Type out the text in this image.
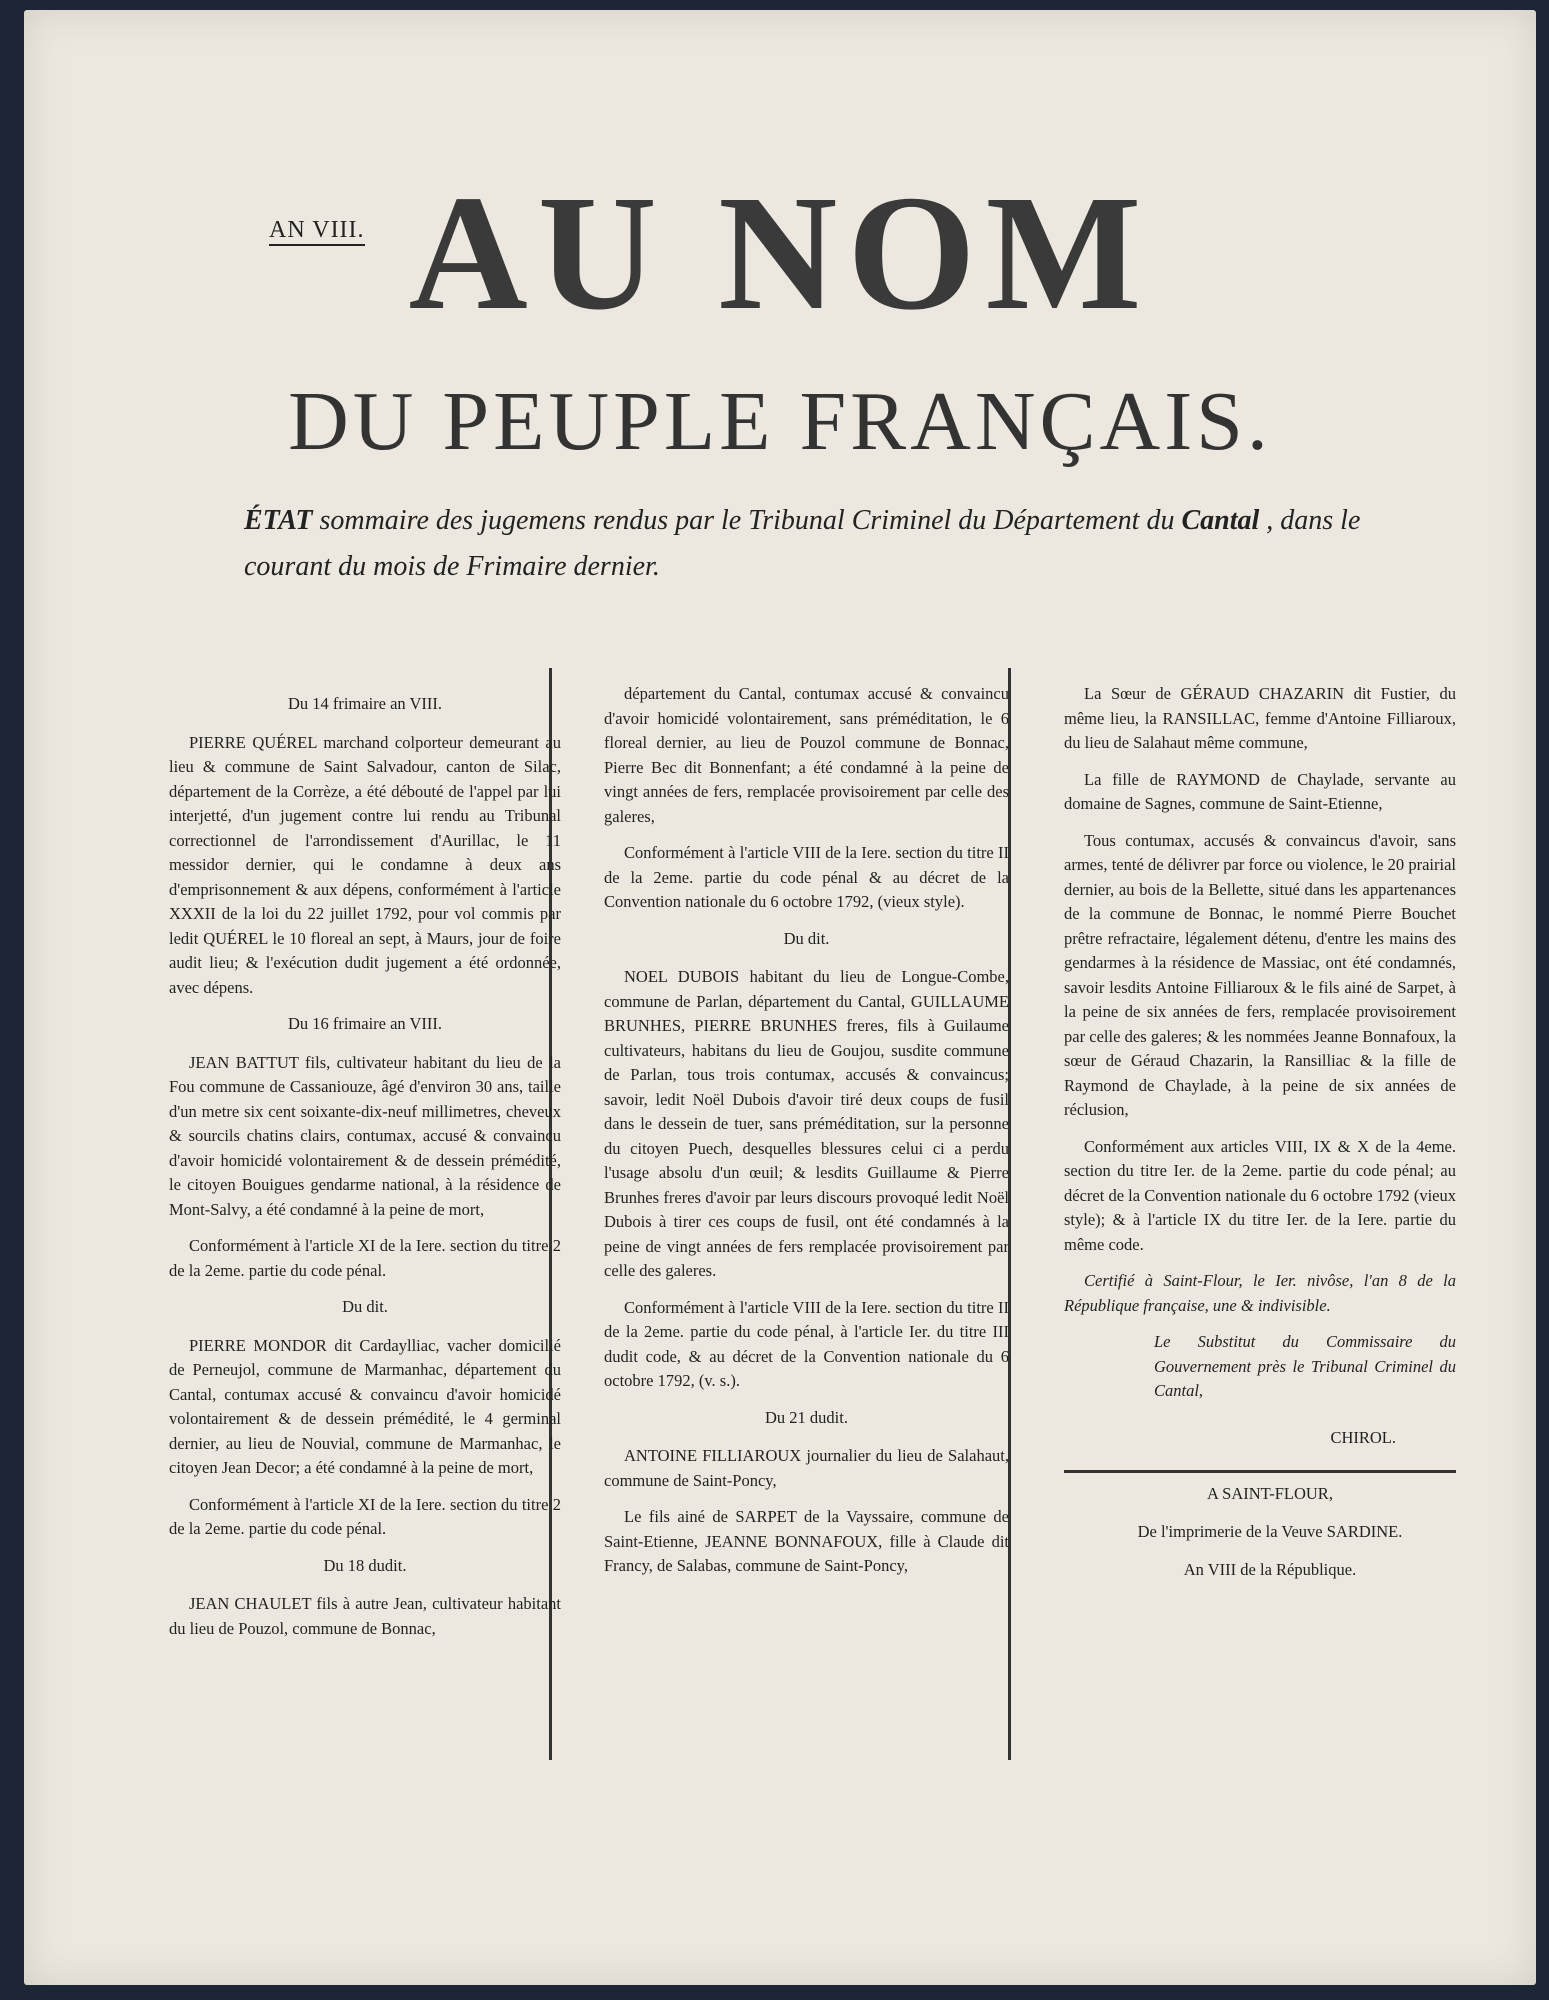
AN VIII. AU NOM
DU PEUPLE FRANÇAIS.
ÉTAT sommaire des jugemens rendus par le Tribunal Criminel du Département du Cantal , dans le courant du mois de Frimaire dernier.

Du 14 frimaire an VIII.

PIERRE QUÉREL marchand colporteur demeurant au lieu & commune de Saint Salvadour, canton de Silac, département de la Corrèze, a été débouté de l'appel par lui interjetté, d'un jugement contre lui rendu au Tribunal correctionnel de l'arrondissement d'Aurillac, le 11 messidor dernier, qui le condamne à deux ans d'emprisonnement & aux dépens, conformément à l'article XXXII de la loi du 22 juillet 1792, pour vol commis par ledit QUÉREL le 10 floreal an sept, à Maurs, jour de foire audit lieu; & l'exécution dudit jugement a été ordonnée, avec dépens.

Du 16 frimaire an VIII.

JEAN BATTUT fils, cultivateur habitant du lieu de la Fou commune de Cassaniouze, âgé d'environ 30 ans, taille d'un metre six cent soixante-dix-neuf millimetres, cheveux & sourcils chatins clairs, contumax, accusé & convaincu d'avoir homicidé volontairement & de dessein prémédité, le citoyen Bouigues gendarme national, à la résidence de Mont-Salvy, a été condamné à la peine de mort,

Conformément à l'article XI de la Iere. section du titre 2 de la 2eme. partie du code pénal.

Du dit.

PIERRE MONDOR dit Cardaylliac, vacher domicilié de Perneujol, commune de Marmanhac, département du Cantal, contumax accusé & convaincu d'avoir homicidé volontairement & de dessein prémédité, le 4 germinal dernier, au lieu de Nouvial, commune de Marmanhac, le citoyen Jean Decor; a été condamné à la peine de mort,

Conformément à l'article XI de la Iere. section du titre 2 de la 2eme. partie du code pénal.

Du 18 dudit.

JEAN CHAULET fils à autre Jean, cultivateur habitant du lieu de Pouzol, commune de Bonnac,

département du Cantal, contumax accusé & convaincu d'avoir homicidé volontairement, sans préméditation, le 6 floreal dernier, au lieu de Pouzol commune de Bonnac, Pierre Bec dit Bonnenfant; a été condamné à la peine de vingt années de fers, remplacée provisoirement par celle des galeres,

Conformément à l'article VIII de la Iere. section du titre II de la 2eme. partie du code pénal & au décret de la Convention nationale du 6 octobre 1792, (vieux style).

Du dit.

NOEL DUBOIS habitant du lieu de Longue-Combe, commune de Parlan, département du Cantal, GUILLAUME BRUNHES, PIERRE BRUNHES freres, fils à Guilaume cultivateurs, habitans du lieu de Goujou, susdite commune de Parlan, tous trois contumax, accusés & convaincus; savoir, ledit Noël Dubois d'avoir tiré deux coups de fusil dans le dessein de tuer, sans préméditation, sur la personne du citoyen Puech, desquelles blessures celui ci a perdu l'usage absolu d'un œuil; & lesdits Guillaume & Pierre Brunhes freres d'avoir par leurs discours provoqué ledit Noël Dubois à tirer ces coups de fusil, ont été condamnés à la peine de vingt années de fers remplacée provisoirement par celle des galeres.

Conformément à l'article VIII de la Iere. section du titre II de la 2eme. partie du code pénal, à l'article Ier. du titre III dudit code, & au décret de la Convention nationale du 6 octobre 1792, (v. s.).

Du 21 dudit.

ANTOINE FILLIAROUX journalier du lieu de Salahaut, commune de Saint-Poncy,

Le fils ainé de SARPET de la Vayssaire, commune de Saint-Etienne, JEANNE BONNAFOUX, fille à Claude dit Francy, de Salabas, commune de Saint-Poncy,

La Sœur de GÉRAUD CHAZARIN dit Fustier, du même lieu, la RANSILLAC, femme d'Antoine Filliaroux, du lieu de Salahaut même commune,

La fille de RAYMOND de Chaylade, servante au domaine de Sagnes, commune de Saint-Etienne,

Tous contumax, accusés & convaincus d'avoir, sans armes, tenté de délivrer par force ou violence, le 20 prairial dernier, au bois de la Bellette, situé dans les appartenances de la commune de Bonnac, le nommé Pierre Bouchet prêtre refractaire, légalement détenu, d'entre les mains des gendarmes à la résidence de Massiac, ont été condamnés, savoir lesdits Antoine Filliaroux & le fils ainé de Sarpet, à la peine de six années de fers, remplacée provisoirement par celle des galeres; & les nommées Jeanne Bonnafoux, la sœur de Géraud Chazarin, la Ransilliac & la fille de Raymond de Chaylade, à la peine de six années de réclusion,

Conformément aux articles VIII, IX & X de la 4eme. section du titre Ier. de la 2eme. partie du code pénal; au décret de la Convention nationale du 6 octobre 1792 (vieux style); & à l'article IX du titre Ier. de la Iere. partie du même code.

Certifié à Saint-Flour, le Ier. nivôse, l'an 8 de la République française, une & indivisible.

Le Substitut du Commissaire du Gouvernement près le Tribunal Criminel du Cantal,

CHIROL.

A SAINT-FLOUR,

De l'imprimerie de la Veuve SARDINE.

An VIII de la République.
